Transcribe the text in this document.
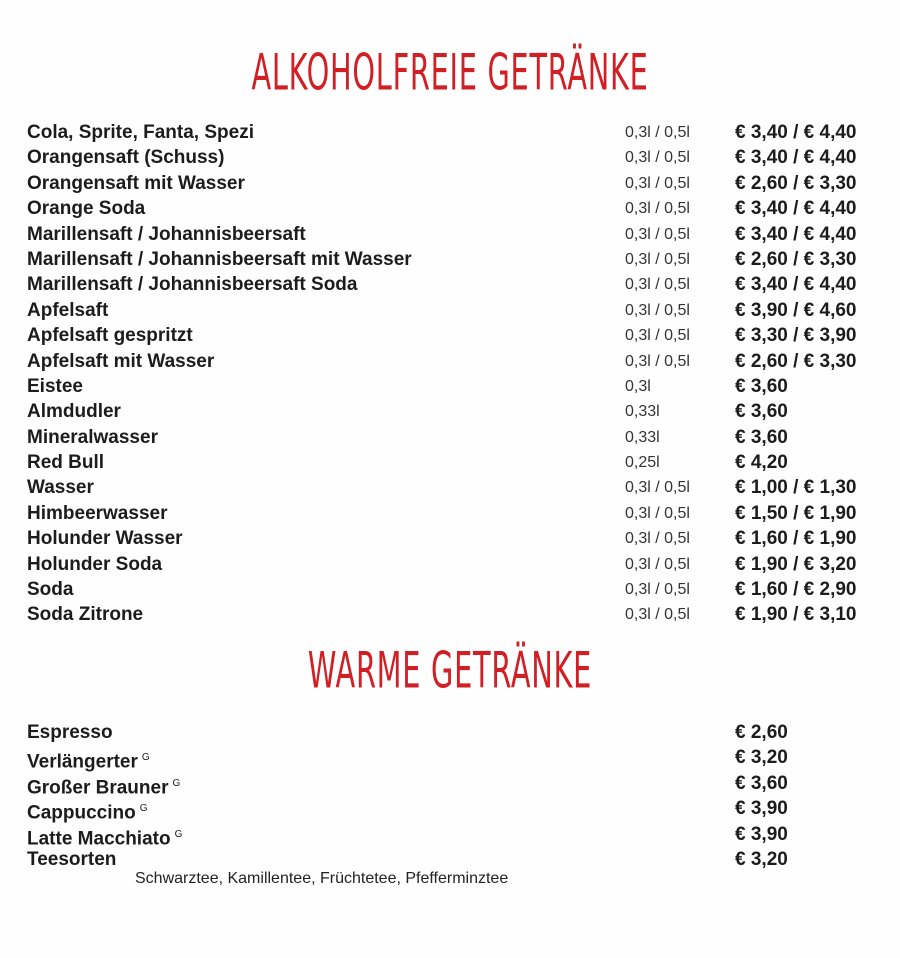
ALKOHOLFREIE GETRÄNKE
Cola, Sprite, Fanta, Spezi	0,3l / 0,5l € 3,40 / € 4,40
Orangensaft (Schuss)	0,3l / 0,5l € 3,40 / € 4,40
Orangensaft mit Wasser	0,3l / 0,5l € 2,60 / € 3,30
Orange Soda	0,3l / 0,5l € 3,40 / € 4,40
Marillensaft / Johannisbeersaft	0,3l / 0,5l € 3,40 / € 4,40
Marillensaft / Johannisbeersaft mit Wasser	0,3l / 0,5l € 2,60 / € 3,30
Marillensaft / Johannisbeersaft Soda	0,3l / 0,5l € 3,40 / € 4,40
Apfelsaft	0,3l / 0,5l € 3,90 / € 4,60
Apfelsaft gespritzt	0,3l / 0,5l € 3,30 / € 3,90
Apfelsaft mit Wasser	0,3l / 0,5l € 2,60 / € 3,30
Eistee	0,3l	€ 3,60
Almdudler	0,33l	€ 3,60
Mineralwasser	0,33l	€ 3,60
Red Bull	0,25l	€ 4,20
Wasser	0,3l / 0,5l € 1,00 / € 1,30
Himbeerwasser	0,3l / 0,5l € 1,50 / € 1,90
Holunder Wasser	0,3l / 0,5l € 1,60 / € 1,90
Holunder Soda	0,3l / 0,5l € 1,90 / € 3,20
Soda	0,3l / 0,5l € 1,60 / € 2,90
Soda Zitrone	0,3l / 0,5l € 1,90 / € 3,10
WARME GETRÄNKE
Espresso	€ 2,60
Verlängerter $^G$	€ 3,20
Großer Brauner $^G$	€ 3,60
Cappuccino $^G$	€ 3,90
Latte Macchiato $^G$	€ 3,90
Teesorten	€ 3,20
Schwarztee, Kamillentee, Früchtetee, Pfefferminztee
